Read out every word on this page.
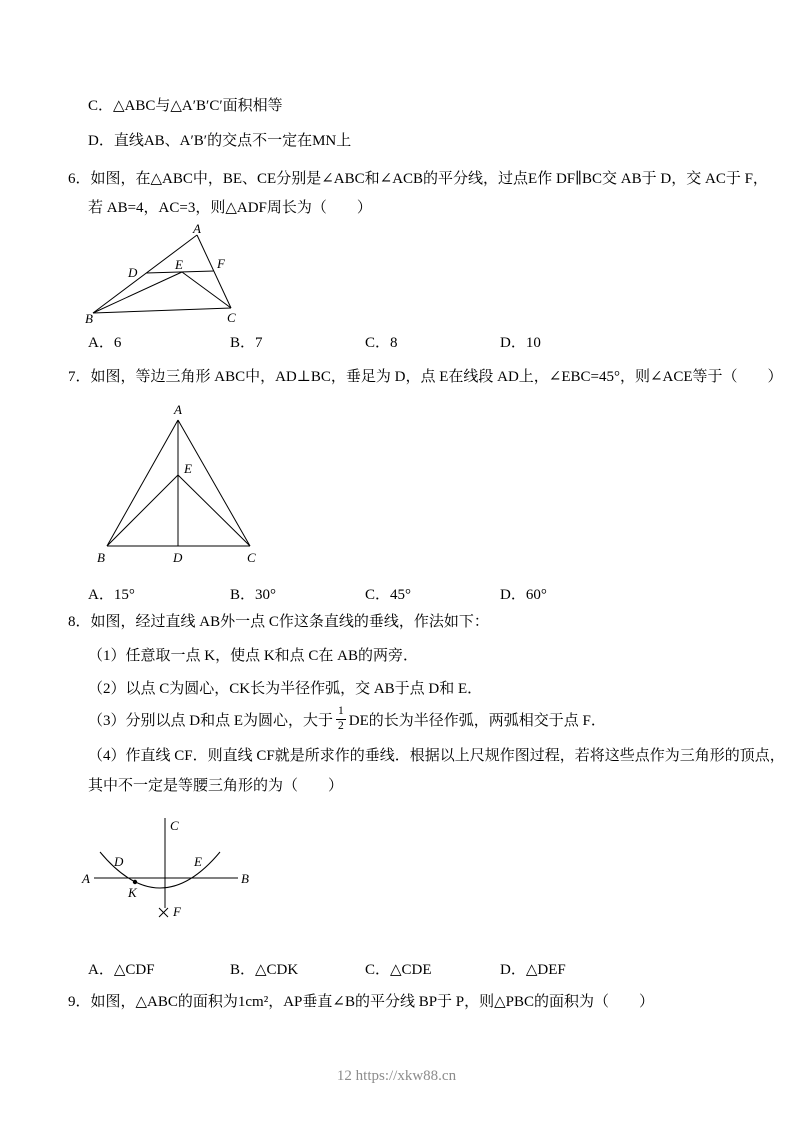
C．△ABC与△A′B′C′面积相等
D．直线AB、A′B′的交点不一定在MN上
6．如图，在△ABC中，BE、CE分别是∠ABC和∠ACB的平分线，过点E作 DF∥BC交 AB于 D，交 AC于 F，
若 AB=4，AC=3，则△ADF周长为（　　）
A
B	C
D
E	F
A．6	B．7	C．8	D．10
7．如图，等边三角形 ABC中，AD⊥BC，垂足为 D，点 E在线段 AD上，∠EBC=45°，则∠ACE等于（　　）
A
B	C
D
E
A．15°	B．30°	C．45°	D．60°
8．如图，经过直线 AB外一点 C作这条直线的垂线，作法如下：
（1）任意取一点 K，使点 K和点 C在 AB的两旁．
（2）以点 C为圆心，CK长为半径作弧，交 AB于点 D和 E．
（3）分别以点 D和点 E为圆心，大于 $\frac{1}{2}$ DE的长为半径作弧，两弧相交于点 F．
（4）作直线 CF．则直线 CF就是所求作的垂线．根据以上尺规作图过程，若将这些点作为三角形的顶点，
其中不一定是等腰三角形的为（　　）
C
A	B
D	E
K
F
A．△CDF	B．△CDK	C．△CDE	D．△DEF
9．如图，△ABC的面积为1cm²，AP垂直∠B的平分线 BP于 P，则△PBC的面积为（　　）
12 https://xkw88.cn
